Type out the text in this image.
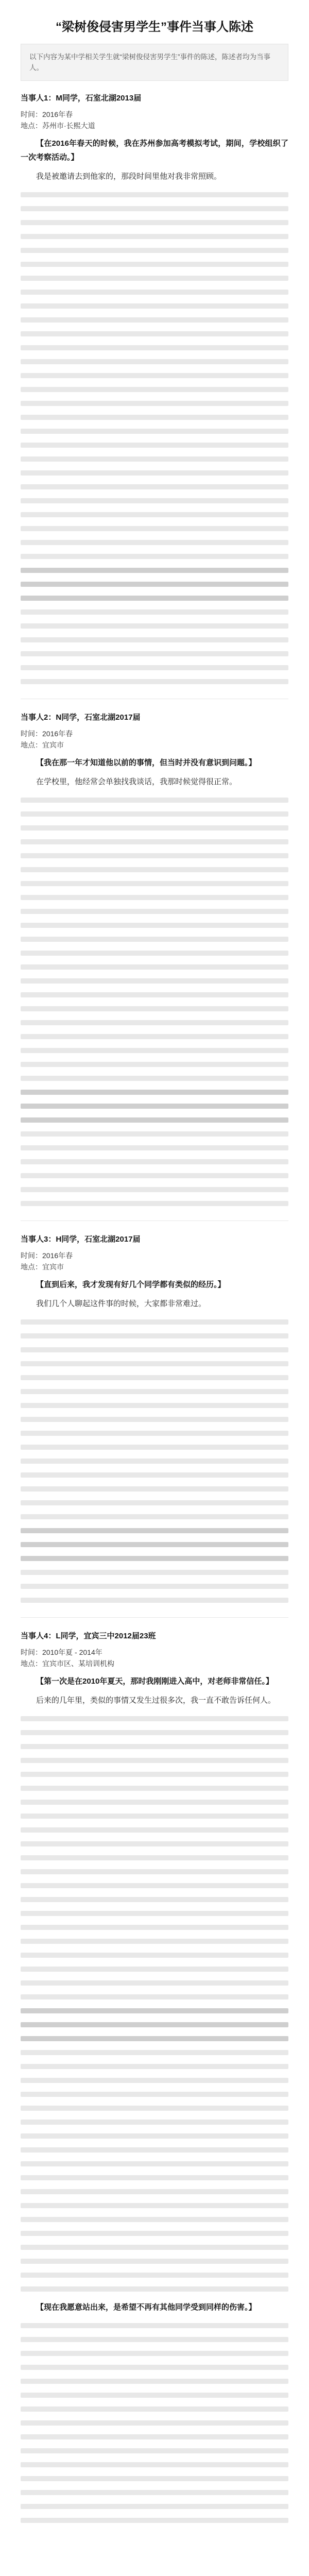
“梁树俊侵害男学生”事件当事人陈述
以下内容为某中学相关学生就“梁树俊侵害男学生”事件的陈述，陈述者均为当事人。
当事人1：M同学，石室北湖2013届
时间：2016年春
地点：苏州市·长熙大道
【在2016年春天的时候，我在苏州参加高考模拟考试，期间，学校组织了一次考察活动。】
我是被邀请去到他家的，那段时间里他对我非常照顾。
当事人2：N同学，石室北湖2017届
时间：2016年春
地点：宜宾市
【我在那一年才知道他以前的事情，但当时并没有意识到问题。】
在学校里，他经常会单独找我谈话，我那时候觉得很正常。
当事人3：H同学，石室北湖2017届
时间：2016年春
地点：宜宾市
【直到后来，我才发现有好几个同学都有类似的经历。】
我们几个人聊起这件事的时候，大家都非常难过。
当事人4：L同学，宜宾三中2012届23班
时间：2010年夏 - 2014年
地点：宜宾市区、某培训机构
【第一次是在2010年夏天，那时我刚刚进入高中，对老师非常信任。】
后来的几年里，类似的事情又发生过很多次，我一直不敢告诉任何人。
【现在我愿意站出来，是希望不再有其他同学受到同样的伤害。】
